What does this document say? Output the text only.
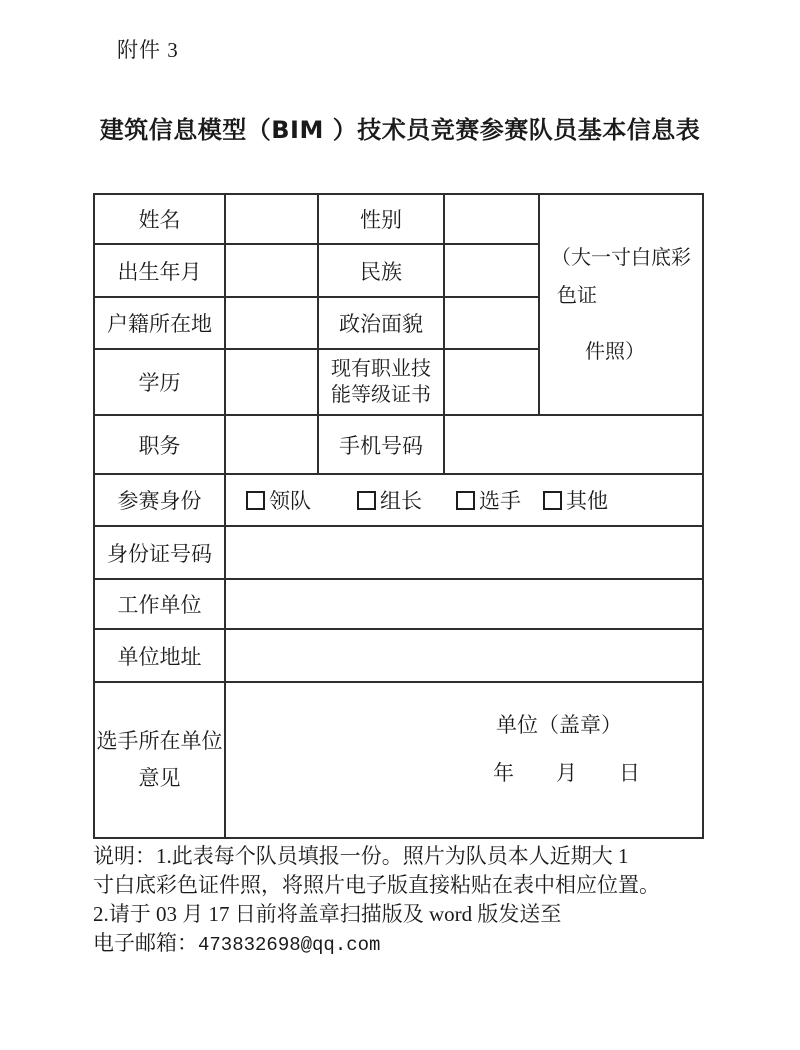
附件 3
建筑信息模型（BIM ）技术员竞赛参赛队员基本信息表
姓名		性别		（大一寸白底彩
色证
件照）

出生年月		民族		
户籍所在地		政治面貌		
学历		现有职业技能等级证书		
职务		手机号码		
参赛身份	领队 组长 选手 其他			

身份证号码				
工作单位				
单位地址				

选手所在单位意见	单位（盖章）
年　　月　　日			

说明：1.此表每个队员填报一份。照片为队员本人近期大 1

寸白底彩色证件照，将照片电子版直接粘贴在表中相应位置。

2.请于 03 月 17 日前将盖章扫描版及 word 版发送至

电子邮箱：473832698@qq.com
